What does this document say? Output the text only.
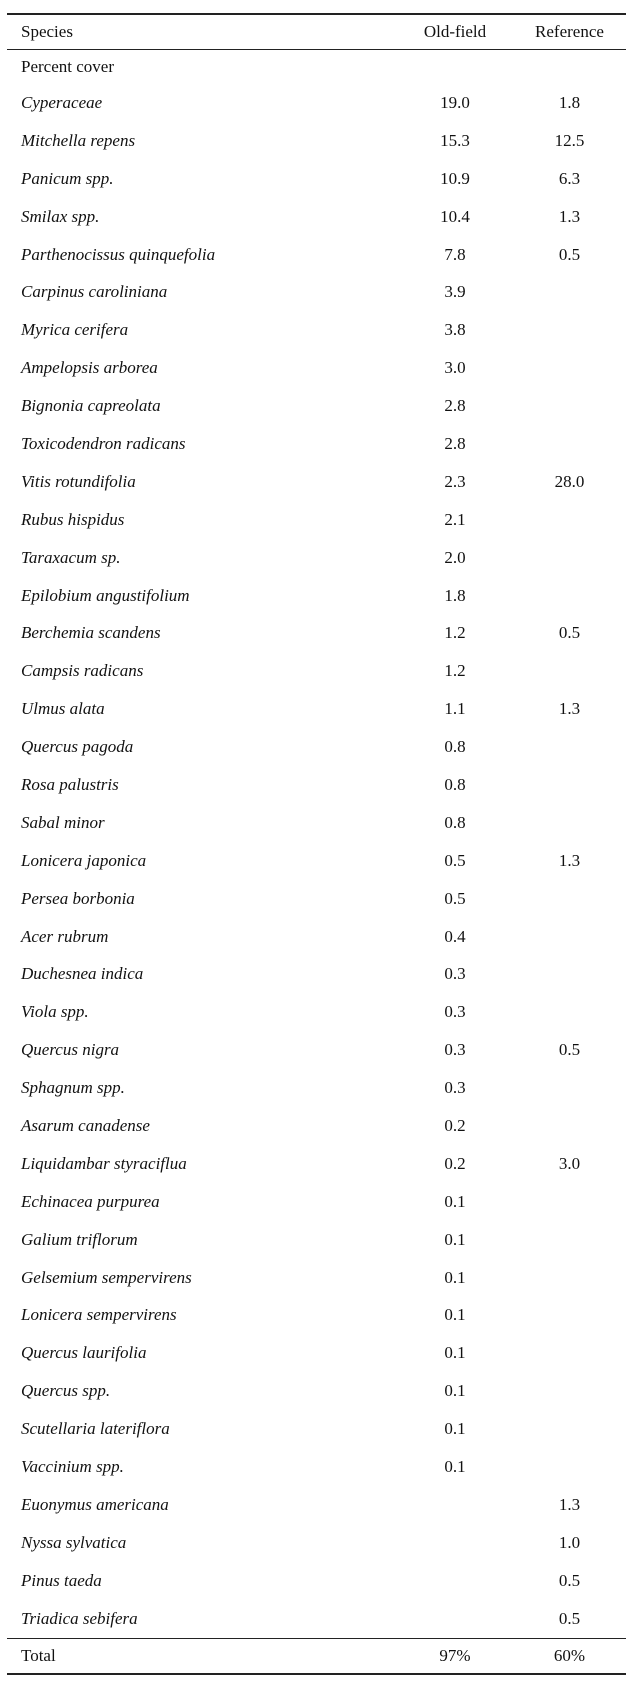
Species	Old-field	Reference
Percent cover		
Cyperaceae	19.0	1.8
Mitchella repens	15.3	12.5
Panicum spp.	10.9	6.3
Smilax spp.	10.4	1.3
Parthenocissus quinquefolia	7.8	0.5
Carpinus caroliniana	3.9	
Myrica cerifera	3.8	
Ampelopsis arborea	3.0	
Bignonia capreolata	2.8	
Toxicodendron radicans	2.8	
Vitis rotundifolia	2.3	28.0
Rubus hispidus	2.1	
Taraxacum sp.	2.0	
Epilobium angustifolium	1.8	
Berchemia scandens	1.2	0.5
Campsis radicans	1.2	
Ulmus alata	1.1	1.3
Quercus pagoda	0.8	
Rosa palustris	0.8	
Sabal minor	0.8	
Lonicera japonica	0.5	1.3
Persea borbonia	0.5	
Acer rubrum	0.4	
Duchesnea indica	0.3	
Viola spp.	0.3	
Quercus nigra	0.3	0.5
Sphagnum spp.	0.3	
Asarum canadense	0.2	
Liquidambar styraciflua	0.2	3.0
Echinacea purpurea	0.1	
Galium triflorum	0.1	
Gelsemium sempervirens	0.1	
Lonicera sempervirens	0.1	
Quercus laurifolia	0.1	
Quercus spp.	0.1	
Scutellaria lateriflora	0.1	
Vaccinium spp.	0.1	
Euonymus americana		1.3
Nyssa sylvatica		1.0
Pinus taeda		0.5
Triadica sebifera		0.5
Total	97%	60%
